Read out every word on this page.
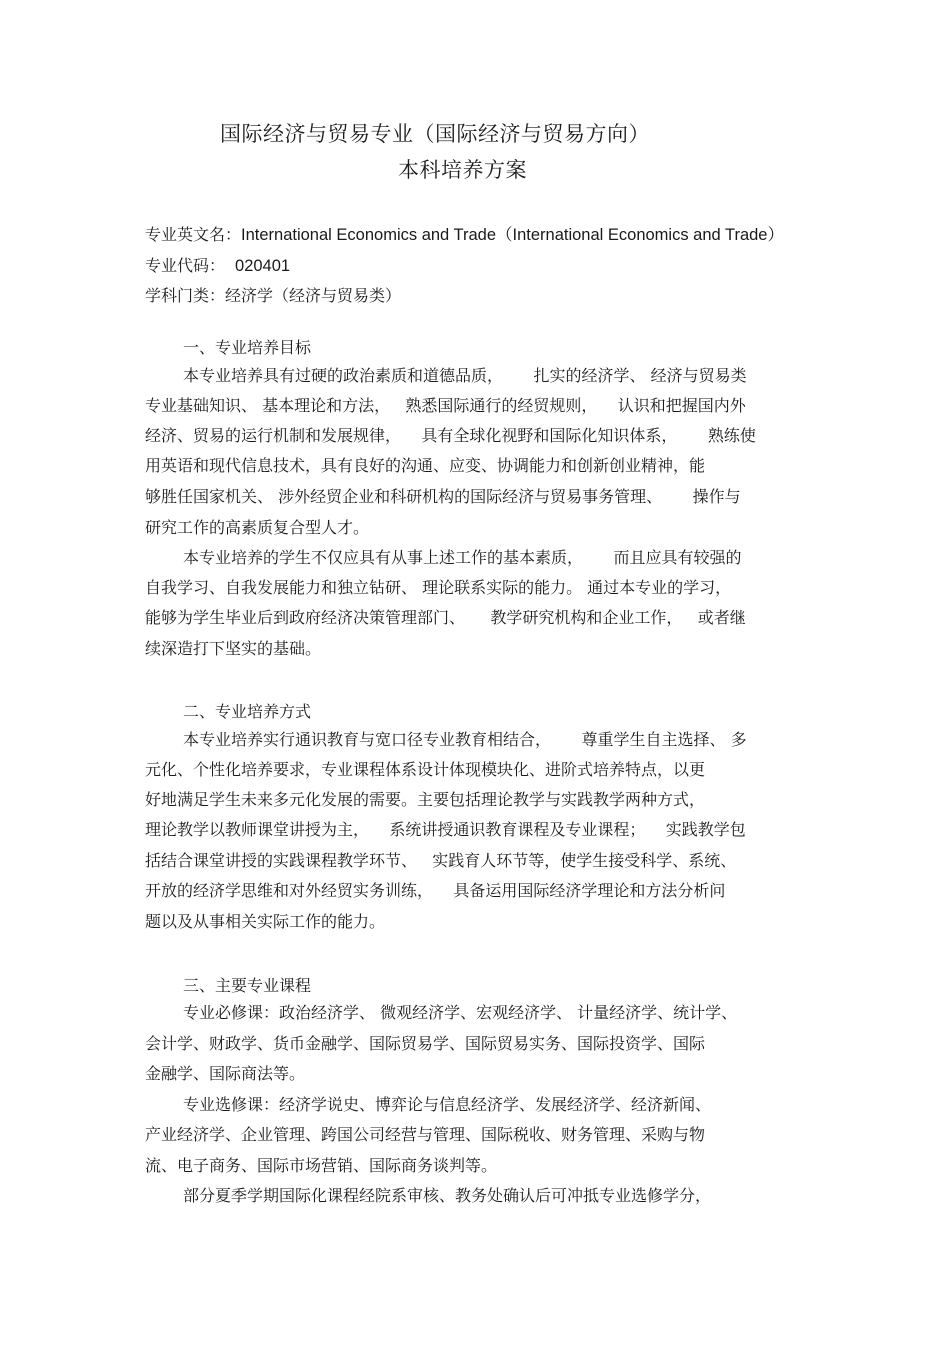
国际经济与贸易专业（国际经济与贸易方向）
本科培养方案
专业英文名：International Economics and Trade（International Economics and Trade）
专业代码： 020401
学科门类：经济学（经济与贸易类）
一、专业培养目标
本专业培养具有过硬的政治素质和道德品质，      扎实的经济学、 经济与贸易类
专业基础知识、 基本理论和方法，   熟悉国际通行的经贸规则，    认识和把握国内外
经济、贸易的运行机制和发展规律，    具有全球化视野和国际化知识体系，      熟练使
用英语和现代信息技术，具有良好的沟通、应变、协调能力和创新创业精神，能
够胜任国家机关、 涉外经贸企业和科研机构的国际经济与贸易事务管理、      操作与
研究工作的高素质复合型人才。
本专业培养的学生不仅应具有从事上述工作的基本素质，      而且应具有较强的
自我学习、自我发展能力和独立钻研、 理论联系实际的能力。 通过本专业的学习，
能够为学生毕业后到政府经济决策管理部门、     教学研究机构和企业工作，   或者继
续深造打下坚实的基础。
二、专业培养方式
本专业培养实行通识教育与宽口径专业教育相结合，      尊重学生自主选择、 多
元化、个性化培养要求，专业课程体系设计体现模块化、进阶式培养特点，以更
好地满足学生未来多元化发展的需要。主要包括理论教学与实践教学两种方式，
理论教学以教师课堂讲授为主，    系统讲授通识教育课程及专业课程；    实践教学包
括结合课堂讲授的实践课程教学环节、   实践育人环节等，使学生接受科学、系统、
开放的经济学思维和对外经贸实务训练，    具备运用国际经济学理论和方法分析问
题以及从事相关实际工作的能力。
三、主要专业课程
专业必修课：政治经济学、 微观经济学、宏观经济学、 计量经济学、统计学、
会计学、财政学、货币金融学、国际贸易学、国际贸易实务、国际投资学、国际
金融学、国际商法等。
专业选修课：经济学说史、博弈论与信息经济学、发展经济学、经济新闻、
产业经济学、企业管理、跨国公司经营与管理、国际税收、财务管理、采购与物
流、电子商务、国际市场营销、国际商务谈判等。
部分夏季学期国际化课程经院系审核、教务处确认后可冲抵专业选修学分，
